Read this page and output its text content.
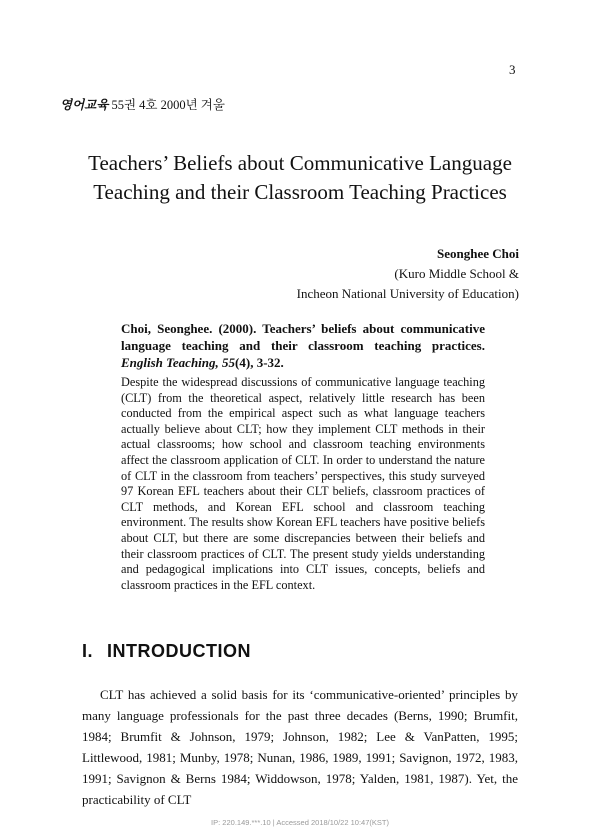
3
영어교육 55권 4호 2000년 겨울
Teachers’ Beliefs about Communicative Language
Teaching and their Classroom Teaching Practices
Seonghee Choi
(Kuro Middle School &
Incheon National University of Education)
Choi, Seonghee. (2000). Teachers’ beliefs about communicative language teaching and their classroom teaching practices. English Teaching, 55(4), 3-32.

Despite the widespread discussions of communicative language teaching (CLT) from the theoretical aspect, relatively little research has been conducted from the empirical aspect such as what language teachers actually believe about CLT; how they implement CLT methods in their actual classrooms; how school and classroom teaching environments affect the classroom application of CLT. In order to understand the nature of CLT in the classroom from teachers’ perspectives, this study surveyed 97 Korean EFL teachers about their CLT beliefs, classroom practices of CLT methods, and Korean EFL school and classroom teaching environment. The results show Korean EFL teachers have positive beliefs about CLT, but there are some discrepancies between their beliefs and their classroom practices of CLT. The present study yields understanding and pedagogical implications into CLT issues, concepts, beliefs and classroom practices in the EFL context.

I. INTRODUCTION

CLT has achieved a solid basis for its ‘communicative-oriented’ principles by many language professionals for the past three decades (Berns, 1990; Brumfit, 1984; Brumfit & Johnson, 1979; Johnson, 1982; Lee & VanPatten, 1995; Littlewood, 1981; Munby, 1978; Nunan, 1986, 1989, 1991; Savignon, 1972, 1983, 1991; Savignon & Berns 1984; Widdowson, 1978; Yalden, 1981, 1987). Yet, the practicability of CLT

IP: 220.149.***.10 | Accessed 2018/10/22 10:47(KST)
